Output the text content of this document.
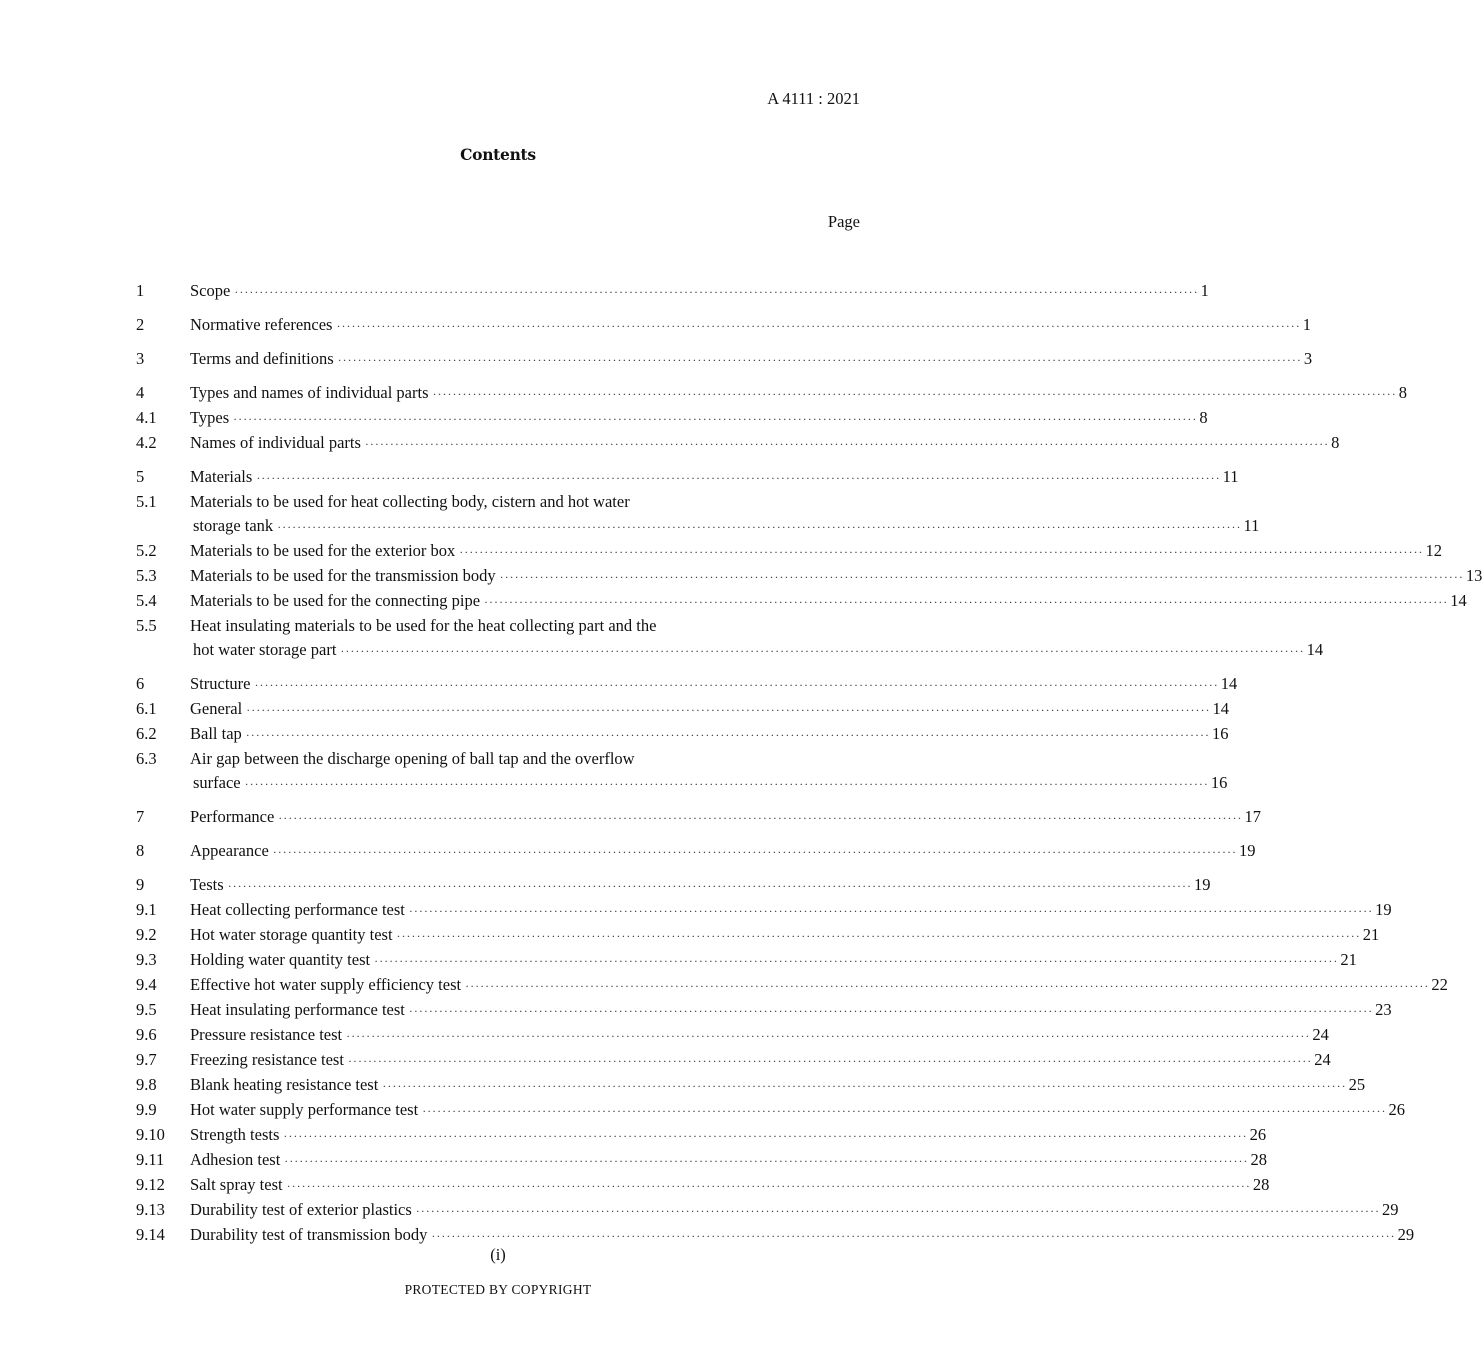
A 4111 : 2021
Contents
Page
1	Scope ·····	1
2	Normative references ·····	1
3	Terms and definitions ·····	3
4	Types and names of individual parts ·····	8
4.1	Types ·····	8
4.2	Names of individual parts ·····	8
5	Materials ·····	11
5.1	Materials to be used for heat collecting body, cistern and hot water
storage tank ·····	11
5.2	Materials to be used for the exterior box ·····	12
5.3	Materials to be used for the transmission body ·····	13
5.4	Materials to be used for the connecting pipe ·····	14
5.5	Heat insulating materials to be used for the heat collecting part and the
hot water storage part ·····	14
6	Structure ·····	14
6.1	General ·····	14
6.2	Ball tap ·····	16
6.3	Air gap between the discharge opening of ball tap and the overflow
surface ·····	16
7	Performance ·····	17
8	Appearance ·····	19
9	Tests ·····	19
9.1	Heat collecting performance test ·····	19
9.2	Hot water storage quantity test ·····	21
9.3	Holding water quantity test ·····	21
9.4	Effective hot water supply efficiency test ·····	22
9.5	Heat insulating performance test ·····	23
9.6	Pressure resistance test ·····	24
9.7	Freezing resistance test ·····	24
9.8	Blank heating resistance test ·····	25
9.9	Hot water supply performance test ·····	26
9.10	Strength tests ·····	26
9.11	Adhesion test ·····	28
9.12	Salt spray test ·····	28
9.13	Durability test of exterior plastics ·····	29
9.14	Durability test of transmission body ·····	29
(i)
PROTECTED BY COPYRIGHT
